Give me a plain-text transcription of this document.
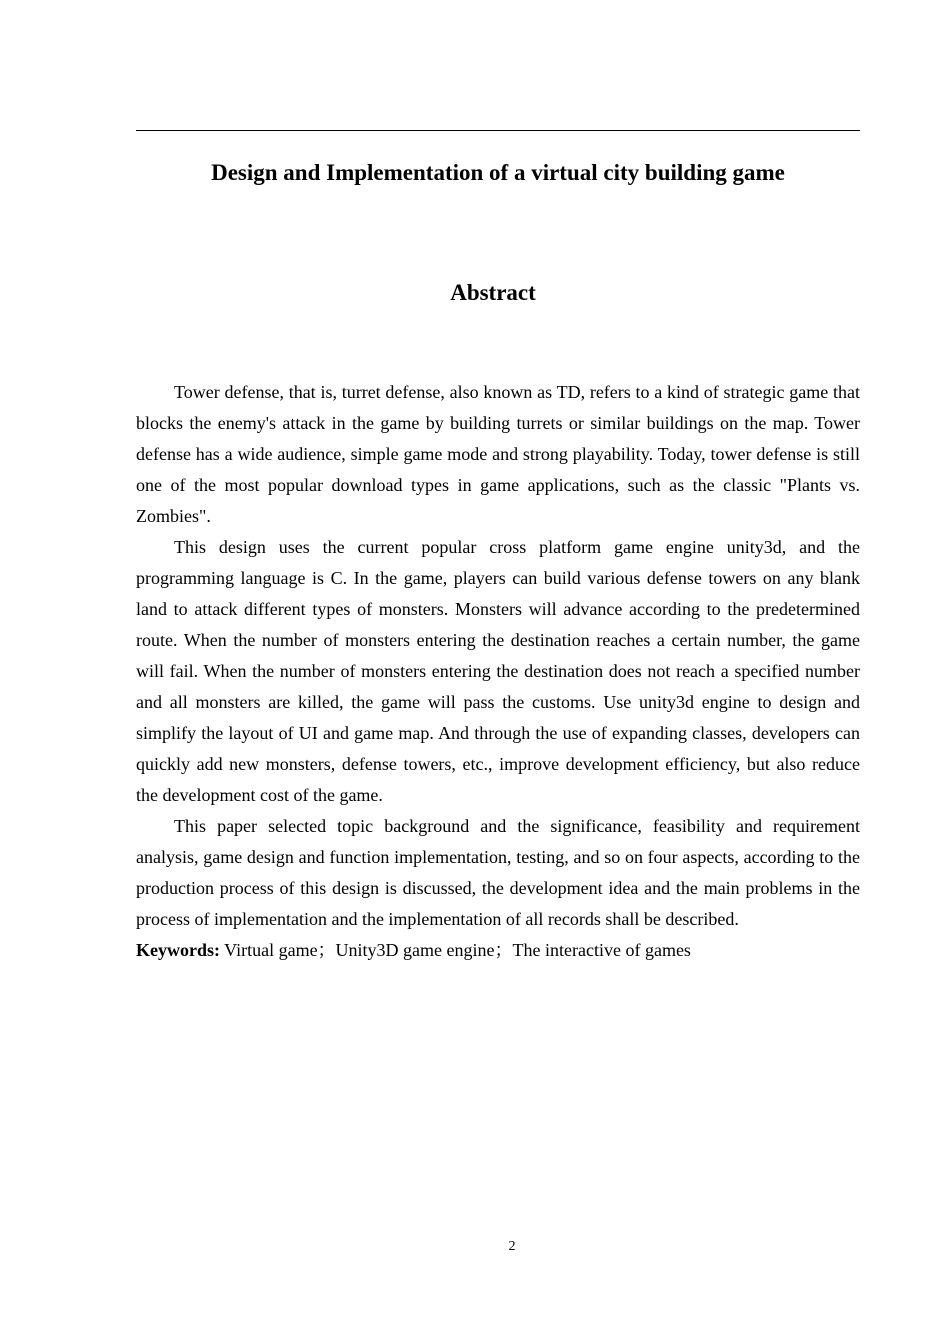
Design and Implementation of a virtual city building game
Abstract

Tower defense, that is, turret defense, also known as TD, refers to a kind of strategic game that blocks the enemy's attack in the game by building turrets or similar buildings on the map. Tower defense has a wide audience, simple game mode and strong playability. Today, tower defense is still one of the most popular download types in game applications, such as the classic "Plants vs. Zombies".

This design uses the current popular cross platform game engine unity3d, and the programming language is C. In the game, players can build various defense towers on any blank land to attack different types of monsters. Monsters will advance according to the predetermined route. When the number of monsters entering the destination reaches a certain number, the game will fail. When the number of monsters entering the destination does not reach a specified number and all monsters are killed, the game will pass the customs. Use unity3d engine to design and simplify the layout of UI and game map. And through the use of expanding classes, developers can quickly add new monsters, defense towers, etc., improve development efficiency, but also reduce the development cost of the game.

This paper selected topic background and the significance, feasibility and requirement analysis, game design and function implementation, testing, and so on four aspects, according to the production process of this design is discussed, the development idea and the main problems in the process of implementation and the implementation of all records shall be described.

Keywords: Virtual game；Unity3D game engine；The interactive of games
2
